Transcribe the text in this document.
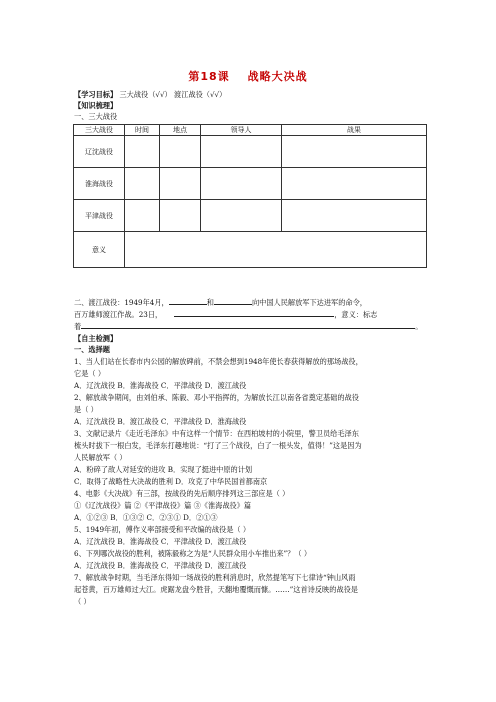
第18课 战略大决战
【学习目标】 三大战役（√√） 渡江战役（√√）
【知识梳理】
一、三大战役
三大战役	时间	地点	领导人	战果
辽沈战役				
淮海战役				
平津战役				
意义				
二、渡江战役：1949年4月，	和	向中国人民解放军下达进军的命令，
百万雄师渡江作战。23日，	，意义：标志
着	。
【自主检测】
一、选择题
1、当人们站在长春市内公园的解放碑前，不禁会想到1948年使长春获得解放的那场战役，
它是（ ）
A．辽沈战役 B．淮海战役 C．平津战役 D．渡江战役
2、解放战争期间，由刘伯承、陈毅、邓小平指挥的，为解放长江以南各省奠定基础的战役
是（ ）
A．辽沈战役 B．渡江战役 C．平津战役 D．淮海战役
3、文献记录片《走近毛泽东》中有这样一个情节：在西柏坡村的小院里，警卫员给毛泽东
梳头时拔下一根白发，毛泽东打趣地说：“打了三个战役，白了一根头发，值得！”这是因为
人民解放军（ ）
A．粉碎了敌人对延安的进攻 B．实现了挺进中原的计划
C．取得了战略性大决战的胜利 D．攻克了中华民国首都南京
4、电影《大决战》有三部，按战役的先后顺序排列这三部应是（ ）
①《辽沈战役》篇 ②《平津战役》篇 ③《淮海战役》篇
A．①②③ B．①③② C．②③① D．②①③
5、1949年初，傅作义率部接受和平改编的战役是（ ）
A．辽沈战役 B．淮海战役 C．平津战役 D．渡江战役
6、下列哪次战役的胜利，被陈毅称之为是“人民群众用小车推出来”？（ ）
A．辽沈战役 B．淮海战役 C．平津战役 D．渡江战役
7、解放战争时期，当毛泽东得知一场战役的胜利消息时，欣然提笔写下七律诗“钟山风雨
起苍黄，百万雄师过大江。虎踞龙盘今胜昔，天翻地覆慨而慷。……”这首诗反映的战役是
（ ）
